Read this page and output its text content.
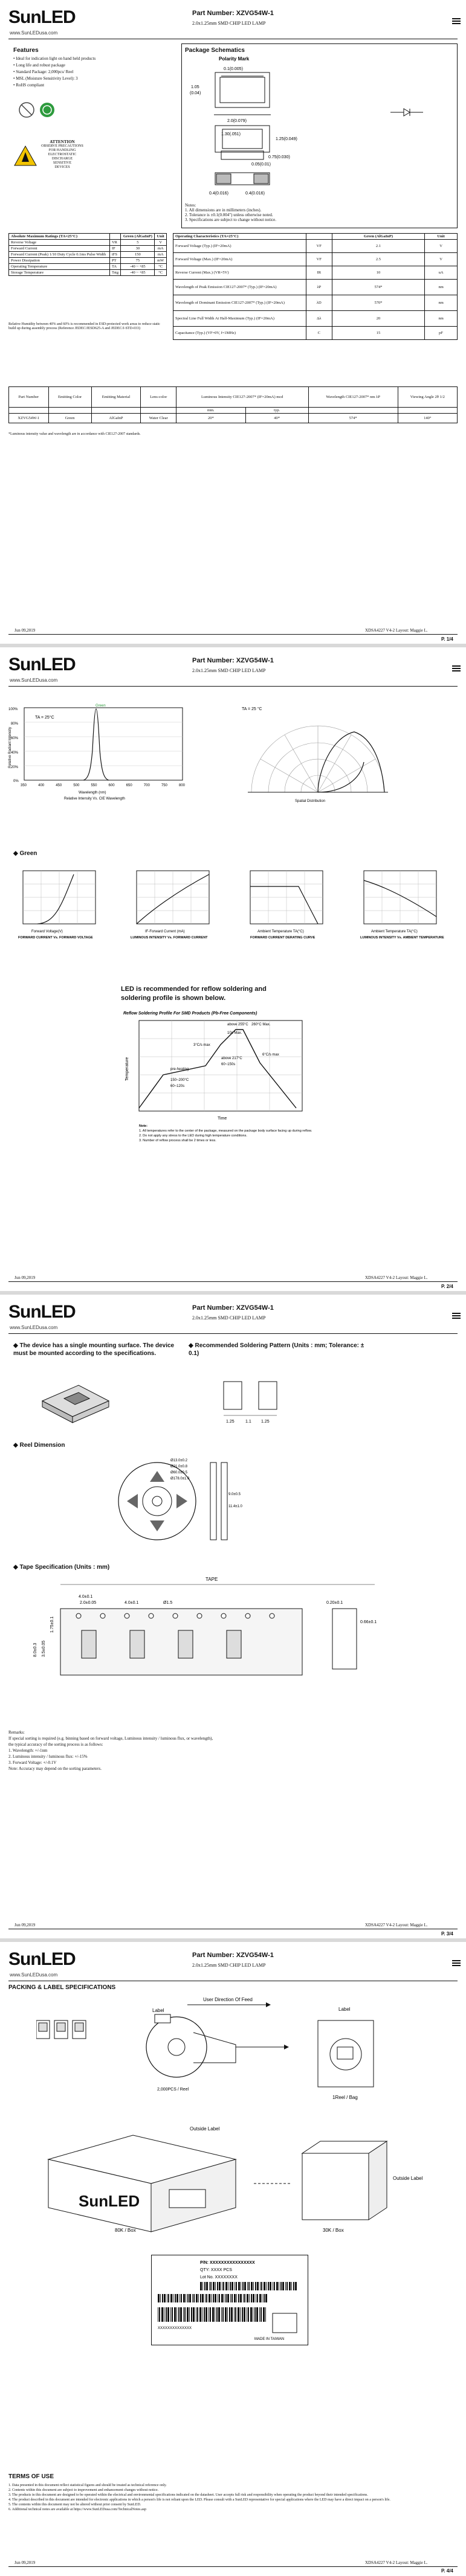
SunLED
www.SunLEDusa.com
Part Number: XZVG54W-1
2.0x1.25mm SMD CHIP LED LAMP
Features
• Ideal for indication light on hand held products
• Long life and robust package
• Standard Package: 2,000pcs/ Reel
• MSL (Moisture Sensitivity Level): 3
• RoHS compliant
ATTENTION
OBSERVE PRECAUTIONS
FOR HANDLING
ELECTROSTATIC
DISCHARGE
SENSITIVE
DEVICES
Package Schematics
Polarity Mark
0.1(0.005)
1.05
(0.04)
2.0(0.079)
1.30(.051)
1.25(0.049)
0.75(0.030)
0.05(0.01)
0.4(0.016)	0.4(0.016)
Notes:
1. All dimensions are in millimeters (inches).
2. Tolerance is ±0.1(0.004") unless otherwise noted.
3. Specifications are subject to change without notice.
Absolute Maximum Ratings (TA=25°C)		Green (AlGaInP)	Unit
Reverse Voltage	VR	5	V
Forward Current	IF	30	mA
Forward Current (Peak) 1/10 Duty Cycle 0.1ms Pulse Width	iFS	150	mA
Power Dissipation	PT	75	mW
Operating Temperature	TA	-40 ~ +85	°C
Storage Temperature	Tstg	-40 ~ +85	°C
Relative Humidity between 40% and 60% is recommended in ESD-protected work areas to reduce static build up during assembly process (Reference JEDEC/JESD625-A and JEDEC/J-STD-033)
Operating Characteristics (TA=25°C)		Green (AlGaInP)	Unit
Forward Voltage (Typ.) (IF=20mA)	VF	2.1	V
Forward Voltage (Max.) (IF=20mA)	VF	2.5	V
Reverse Current (Max.) (VR=5V)	IR	10	uA
Wavelength of Peak Emission CIE127-2007* (Typ.) (IF=20mA)	λP	574*	nm
Wavelength of Dominant Emission CIE127-2007* (Typ.) (IF=20mA)	λD	570*	nm
Spectral Line Full Width At Half-Maximum (Typ.) (IF=20mA)	Δλ	20	nm
Capacitance (Typ.) (VF=0V, f=1MHz)	C	15	pF
Part Number	Emitting Color	Emitting Material	Lens-color	Luminous Intensity CIE127-2007* (IF=20mA) mcd		Wavelength CIE127-2007* nm λP	Viewing Angle 2θ 1/2
				min.	typ.		
XZVG54W-1	Green	AlGaInP	Water Clear	20*	40*	574*	140°
*Luminous intensity value and wavelength are in accordance with CIE127-2007 standards.
Jun 09,2019	XDSA4227 V4-2 Layout: Maggie L.
P. 1/4
SunLED
www.SunLEDusa.com
Part Number: XZVG54W-1
2.0x1.25mm SMD CHIP LED LAMP
Relative Radiant Intensity
TA = 25°C
Green
100%
80%
60%
40%
20%
0%
350	400	450	500	550	600	650	700	750	800
Wavelength (nm)
Relative Intensity Vs. CIE Wavelength
TA = 25 °C
Spatial Distribution
◆ Green
Forward Voltage(V)
FORWARD CURRENT Vs. FORWARD VOLTAGE
IF-Forward Current (mA)
LUMINOUS INTENSITY Vs. FORWARD CURRENT
Ambient Temperature TA(°C)
FORWARD CURRENT DERATING CURVE
Ambient Temperature TA(°C)
LUMINOUS INTENSITY Vs. AMBIENT TEMPERATURE
LED is recommended for reflow soldering and
soldering profile is shown below.
Reflow Soldering Profile For SMD Products (Pb-Free Components)
above 255°C 260°C Max.
10s Max.
3°C/s max
6°C/s max
pre-heating
150~200°C
60~120s
above 217°C
60~150s
Time
Temperature
Note:
1. All temperatures refer to the center of the package, measured on the package body surface facing up during reflow.
2. Do not apply any stress to the LED during high temperature conditions.
3. Number of reflow process shall be 2 times or less.
Jun 09,2019	XDSA4227 V4-2 Layout: Maggie L.
P. 2/4
SunLED
www.SunLEDusa.com
Part Number: XZVG54W-1
2.0x1.25mm SMD CHIP LED LAMP
◆ The device has a single mounting surface. The device must be mounted according to the specifications.
◆ Recommended Soldering Pattern (Units : mm; Tolerance: ± 0.1)
1.25	1.1 1.25
◆ Reel Dimension
Ø13.0±0.2
Ø21.0±0.8
Ø60.0±0.5
Ø178.0±1.0
9.0±0.5
11.4±1.0
◆ Tape Specification (Units : mm)
TAPE
4.0±0.1
2.0±0.05	4.0±0.1	Ø1.5	0.20±0.1
0.66±0.1
8.0±0.3 3.5±0.05
1.75±0.1
Remarks:
If special sorting is required (e.g. binning based on forward voltage, Luminous intensity / luminous flux, or wavelength),
the typical accuracy of the sorting process is as follows:
1. Wavelength: +/-1nm
2. Luminous intensity / luminous flux: +/-15%
3. Forward Voltage: +/-0.1V
Note: Accuracy may depend on the sorting parameters.
Jun 09,2019	XDSA4227 V4-2 Layout: Maggie L.
P. 3/4
SunLED
www.SunLEDusa.com
Part Number: XZVG54W-1
2.0x1.25mm SMD CHIP LED LAMP
PACKING & LABEL SPECIFICATIONS
Label
User Direction Of Feed
2,000PCS / Reel
Label
1Reel / Bag
Outside Label
SunLED
80K / Box
Outside Label
30K / Box
P/N: XXXXXXXXXXXXXXXX
QTY: XXXX PCS
Lot No. XXXXXXXX
XXXXXXXXXXXXXX
MADE IN TAIWAN
TERMS OF USE
1. Data presented in this document reflect statistical figures and should be treated as technical reference only.
2. Contents within this document are subject to improvement and enhancement changes without notice.
3. The products in this document are designed to be operated within the electrical and environmental specifications indicated on the datasheet. User accepts full risk and responsibility when operating the product beyond their intended specifications.
4. The product described in this document are intended for electronic applications in which a person's life is not reliant upon the LED. Please consult with a SunLED representative for special applications where the LED may have a direct impact on a person's life.
5. The contents within this document may not be altered without prior consent by SunLED.
6. Additional technical notes are available at https://www.SunLEDusa.com/TechnicalNotes.asp
Jun 09,2019	XDSA4227 V4-2 Layout: Maggie L.
P. 4/4
